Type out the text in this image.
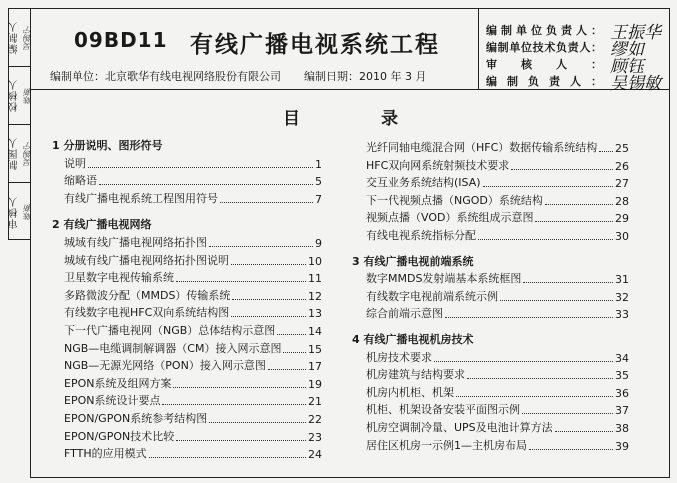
编制人 吴锡宁
校核人 陈新
制图人 吴锡宁
审核人 陈新
09BD11 有线广播电视系统工程
编制单位：北京歌华有线电视网络股份有限公司 编制日期：2010 年 3 月
编制单位负责人： 王振华
编制单位技术负责人： 缪如
审核人： 顾钰
编制负责人： 吴锡敏
目	录
1 分册说明、图形符号
说明	1
缩略语	5
有线广播电视系统工程图用符号	7
2 有线广播电视网络
城域有线广播电视网络拓扑图	9
城域有线广播电视网络拓扑图说明	10
卫星数字电视传输系统	11
多路微波分配（MMDS）传输系统	12
有线数字电视HFC双向系统结构图	13
下一代广播电视网（NGB）总体结构示意图	14
NGB—电缆调制解调器（CM）接入网示意图 15
NGB—无源光网络（PON）接入网示意图	17
EPON系统及组网方案	19
EPON系统设计要点	21
EPON/GPON系统参考结构图	22
EPON/GPON技术比较	23
FTTH的应用模式	24
光纤同轴电缆混合网（HFC）数据传输系统结构 25
HFC双向网系统射频技术要求	26
交互业务系统结构(ISA)	27
下一代视频点播（NGOD）系统结构	28
视频点播（VOD）系统组成示意图	29
有线电视系统指标分配	30
3 有线广播电视前端系统
数字MMDS发射端基本系统框图	31
有线数字电视前端系统示例	32
综合前端示意图	33
4 有线广播电视机房技术
机房技术要求	34
机房建筑与结构要求	35
机房内机柜、机架	36
机柜、机架设备安装平面图示例	37
机房空调制冷量、UPS及电池计算方法	38
居住区机房一示例1—主机房布局	39
